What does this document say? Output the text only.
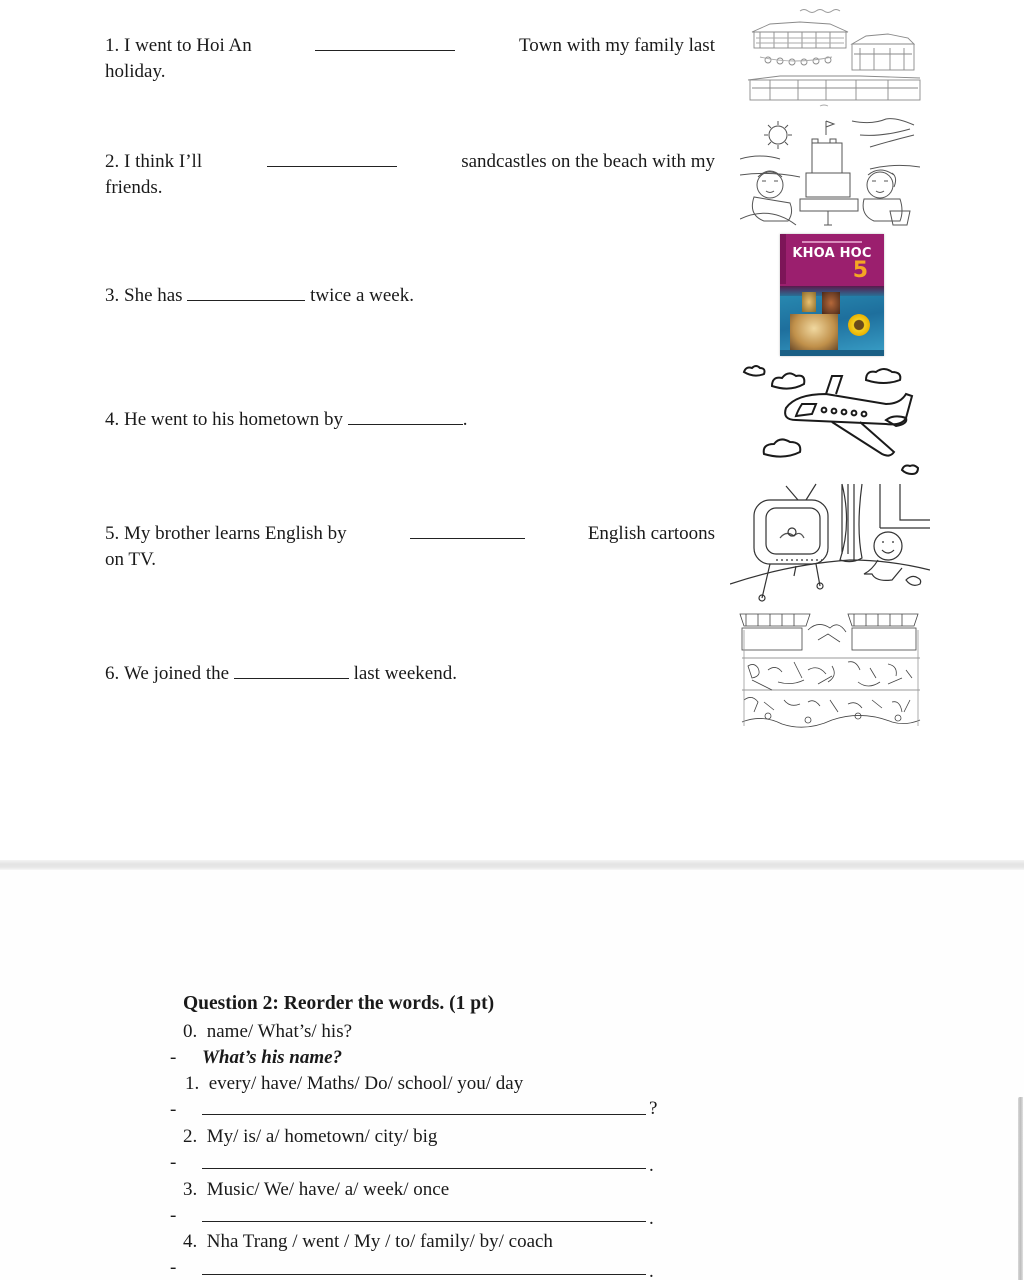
1. I went to Hoi An	Town with my family last
holiday.
2. I think I’ll	sandcastles on the beach with my
friends.
3.
She has

	twice a week.
4.
He went to his hometown by
	.
5. My brother learns English by	English cartoons
on TV.
6.
We joined the

	last weekend.
KHOA HOC
5
Question 2: Reorder the words. (1 pt)
0. name/ What’s/ his?
- What’s his name?
1. every/ have/ Maths/ Do/ school/ you/ day
-	?
2. My/ is/ a/ hometown/ city/ big
-	.
3. Music/ We/ have/ a/ week/ once
-	.
4. Nha Trang / went / My / to/ family/ by/ coach
-	.
